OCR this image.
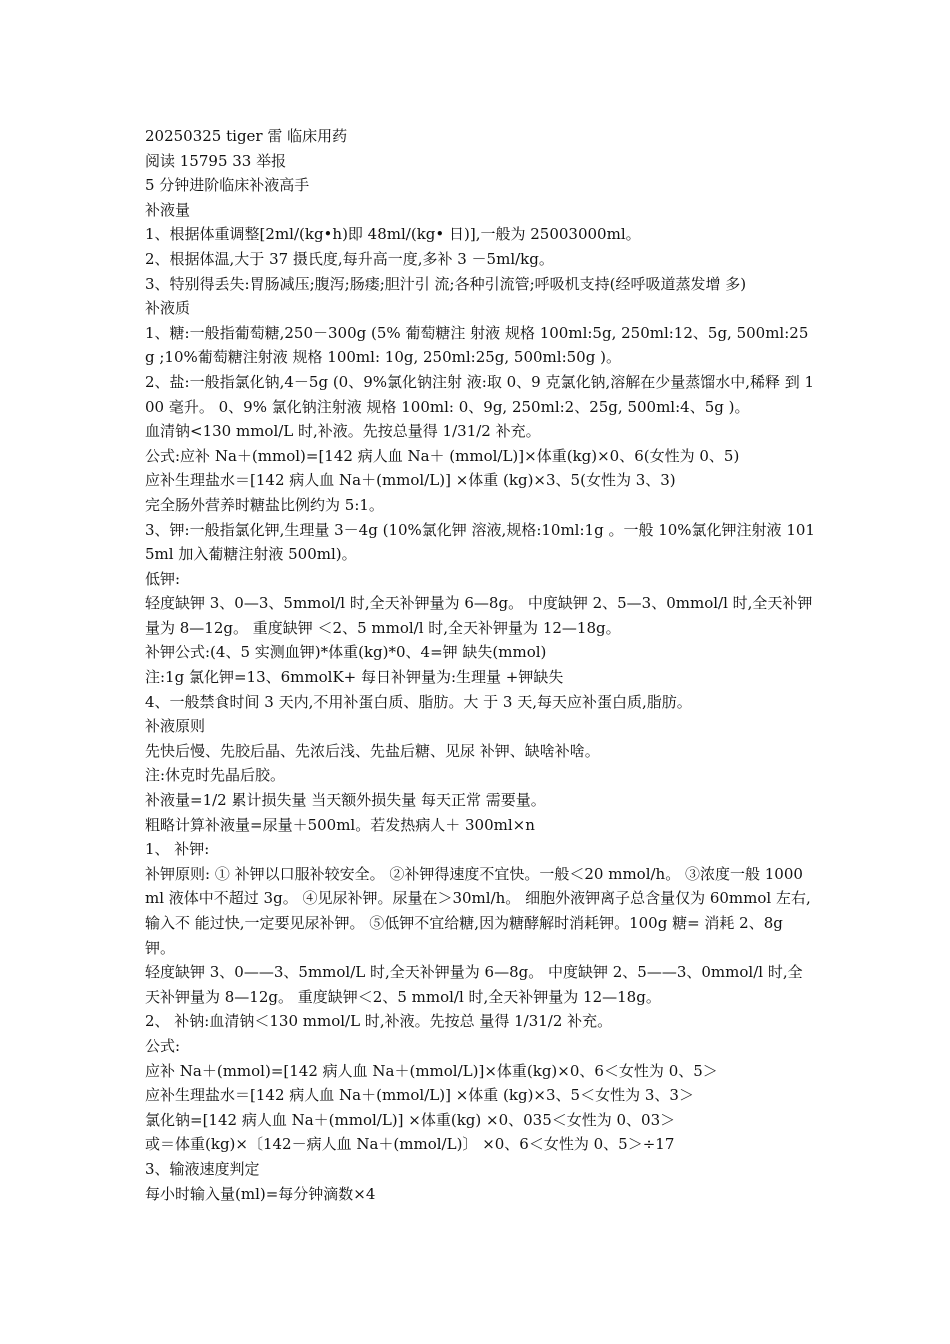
20250325 tiger 雷 临床用药

阅读 15795 33 举报

5 分钟进阶临床补液高手

补液量

1、根据体重调整[2ml/(kg•h)即 48ml/(kg• 日)],一般为 25003000ml。

2、根据体温,大于 37 摄氏度,每升高一度,多补 3 －5ml/kg。

3、特别得丢失:胃肠减压;腹泻;肠瘘;胆汁引 流;各种引流管;呼吸机支持(经呼吸道蒸发增 多)

补液质

1、糖:一般指葡萄糖,250－300g (5% 葡萄糖注 射液 规格 100ml:5g, 250ml:12、5g, 500ml:25g ;10%葡萄糖注射液 规格 100ml: 10g, 250ml:25g, 500ml:50g )。

2、盐:一般指氯化钠,4－5g (0、9%氯化钠注射 液:取 0、9 克氯化钠,溶解在少量蒸馏水中,稀释 到 100 毫升。 0、9% 氯化钠注射液 规格 100ml: 0、9g, 250ml:2、25g, 500ml:4、5g )。

血清钠<130 mmol/L 时,补液。先按总量得 1/31/2 补充。

公式:应补 Na＋(mmol)=[142 病人血 Na＋ (mmol/L)]×体重(kg)×0、6(女性为 0、5)

应补生理盐水＝[142 病人血 Na＋(mmol/L)] ×体重 (kg)×3、5(女性为 3、3)

完全肠外营养时糖盐比例约为 5:1。

3、钾:一般指氯化钾,生理量 3－4g (10%氯化钾 溶液,规格:10ml:1g 。一般 10%氯化钾注射液 1015ml 加入葡糖注射液 500ml)。

低钾:

轻度缺钾 3、0—3、5mmol/l 时,全天补钾量为 6—8g。 中度缺钾 2、5—3、0mmol/l 时,全天补钾量为 8—12g。 重度缺钾 ＜2、5 mmol/l 时,全天补钾量为 12—18g。

补钾公式:(4、5 实测血钾)*体重(kg)*0、4=钾 缺失(mmol)

注:1g 氯化钾=13、6mmolK+ 每日补钾量为:生理量 +钾缺失

4、一般禁食时间 3 天内,不用补蛋白质、脂肪。大 于 3 天,每天应补蛋白质,脂肪。

补液原则

先快后慢、先胶后晶、先浓后浅、先盐后糖、见尿 补钾、缺啥补啥。

注:休克时先晶后胶。

补液量=1/2 累计损失量 当天额外损失量 每天正常 需要量。

粗略计算补液量=尿量＋500ml。若发热病人＋ 300ml×n

1、 补钾:

补钾原则: ① 补钾以口服补较安全。 ②补钾得速度不宜快。一般＜20 mmol/h。 ③浓度一般 1000ml 液体中不超过 3g。 ④见尿补钾。尿量在＞30ml/h。 细胞外液钾离子总含量仅为 60mmol 左右,输入不 能过快,一定要见尿补钾。 ⑤低钾不宜给糖,因为糖酵解时消耗钾。100g 糖= 消耗 2、8g 钾。

轻度缺钾 3、0——3、5mmol/L 时,全天补钾量为 6—8g。 中度缺钾 2、5——3、0mmol/l 时,全天补钾量为 8—12g。 重度缺钾＜2、5 mmol/l 时,全天补钾量为 12—18g。

2、 补钠:血清钠＜130 mmol/L 时,补液。先按总 量得 1/31/2 补充。

公式:

应补 Na＋(mmol)=[142 病人血 Na＋(mmol/L)]×体重(kg)×0、6＜女性为 0、5＞

应补生理盐水＝[142 病人血 Na＋(mmol/L)] ×体重 (kg)×3、5＜女性为 3、3＞

氯化钠=[142 病人血 Na＋(mmol/L)] ×体重(kg) ×0、035＜女性为 0、03＞

或＝体重(kg)×〔142－病人血 Na＋(mmol/L)〕 ×0、6＜女性为 0、5＞÷17

3、输液速度判定

每小时输入量(ml)=每分钟滴数×4
